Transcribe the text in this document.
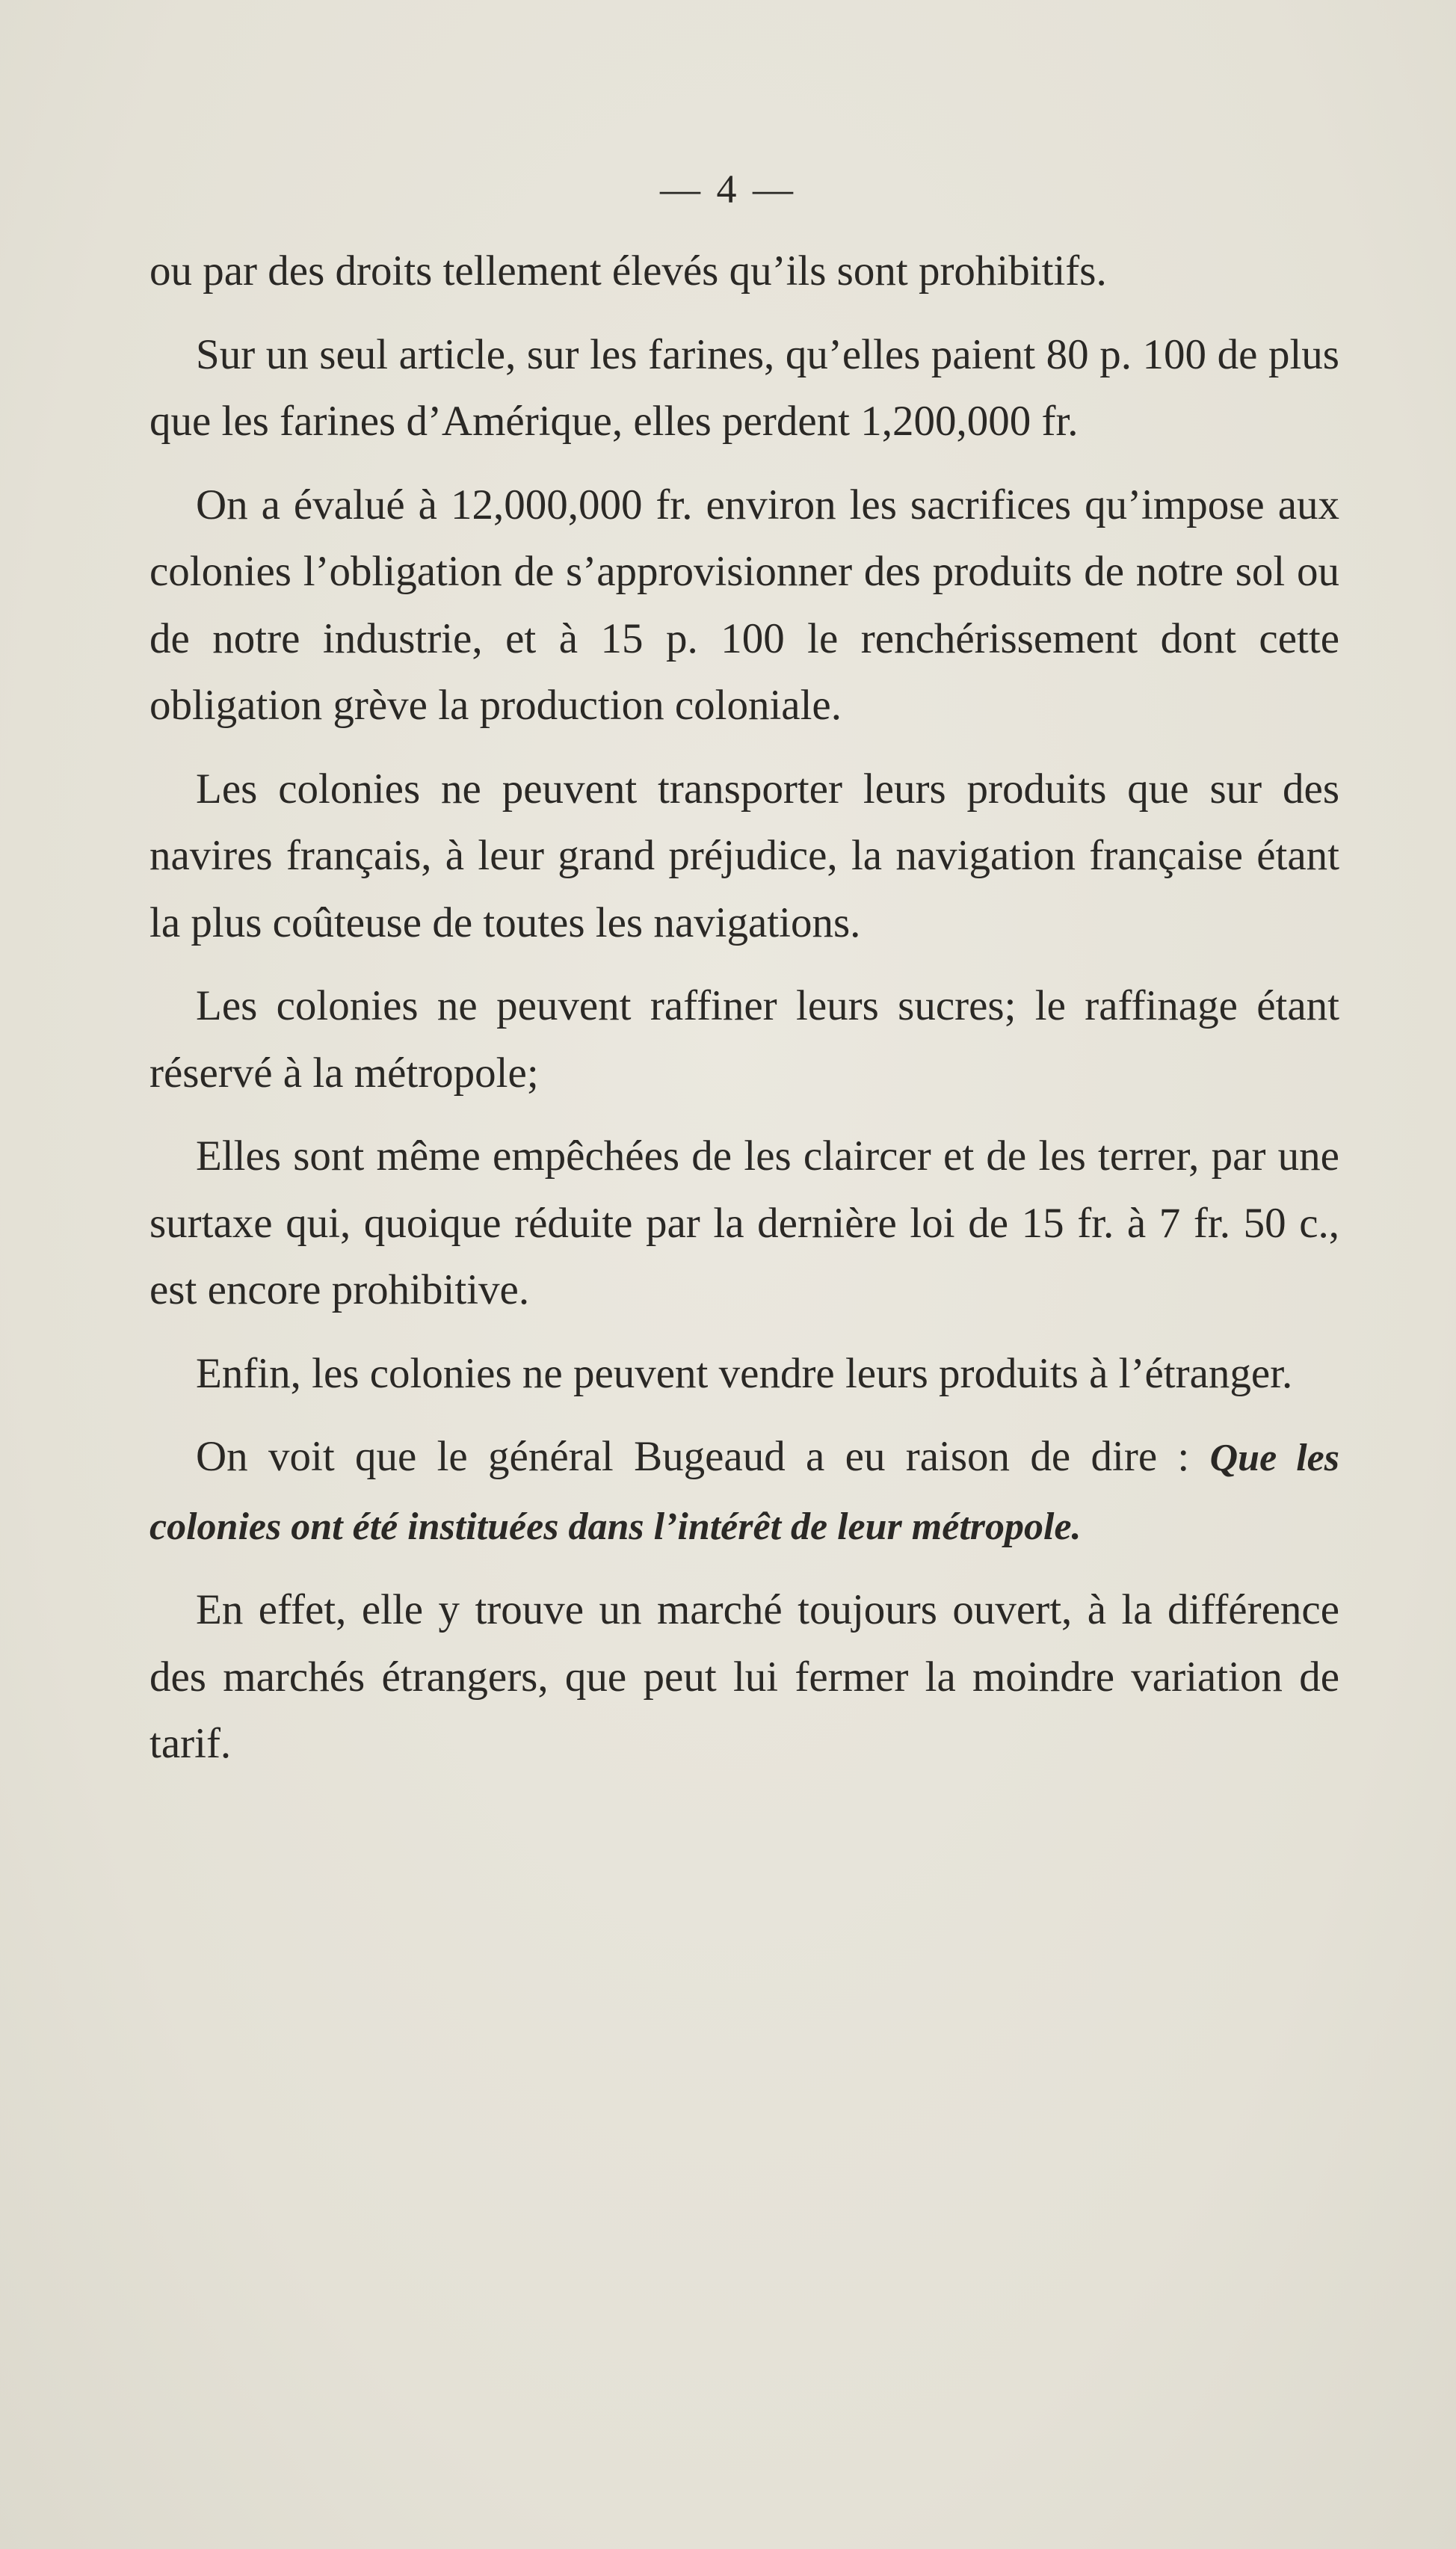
— 4 —

ou par des droits tellement élevés qu’ils sont prohibitifs.

Sur un seul article, sur les farines, qu’elles paient 80 p. 100 de plus que les farines d’Amérique, elles perdent 1,200,000 fr.

On a évalué à 12,000,000 fr. environ les sacrifices qu’impose aux colonies l’obligation de s’approvisionner des produits de notre sol ou de notre industrie, et à 15 p. 100 le renchérissement dont cette obligation grève la production coloniale.

Les colonies ne peuvent transporter leurs produits que sur des navires français, à leur grand préjudice, la navigation française étant la plus coûteuse de toutes les navigations.

Les colonies ne peuvent raffiner leurs sucres; le raffinage étant réservé à la métropole;

Elles sont même empêchées de les claircer et de les terrer, par une surtaxe qui, quoique réduite par la dernière loi de 15 fr. à 7 fr. 50 c., est encore prohibitive.

Enfin, les colonies ne peuvent vendre leurs produits à l’étranger.

On voit que le général Bugeaud a eu raison de dire : Que les colonies ont été instituées dans l’intérêt de leur métropole.

En effet, elle y trouve un marché toujours ouvert, à la différence des marchés étrangers, que peut lui fermer la moindre variation de tarif.
